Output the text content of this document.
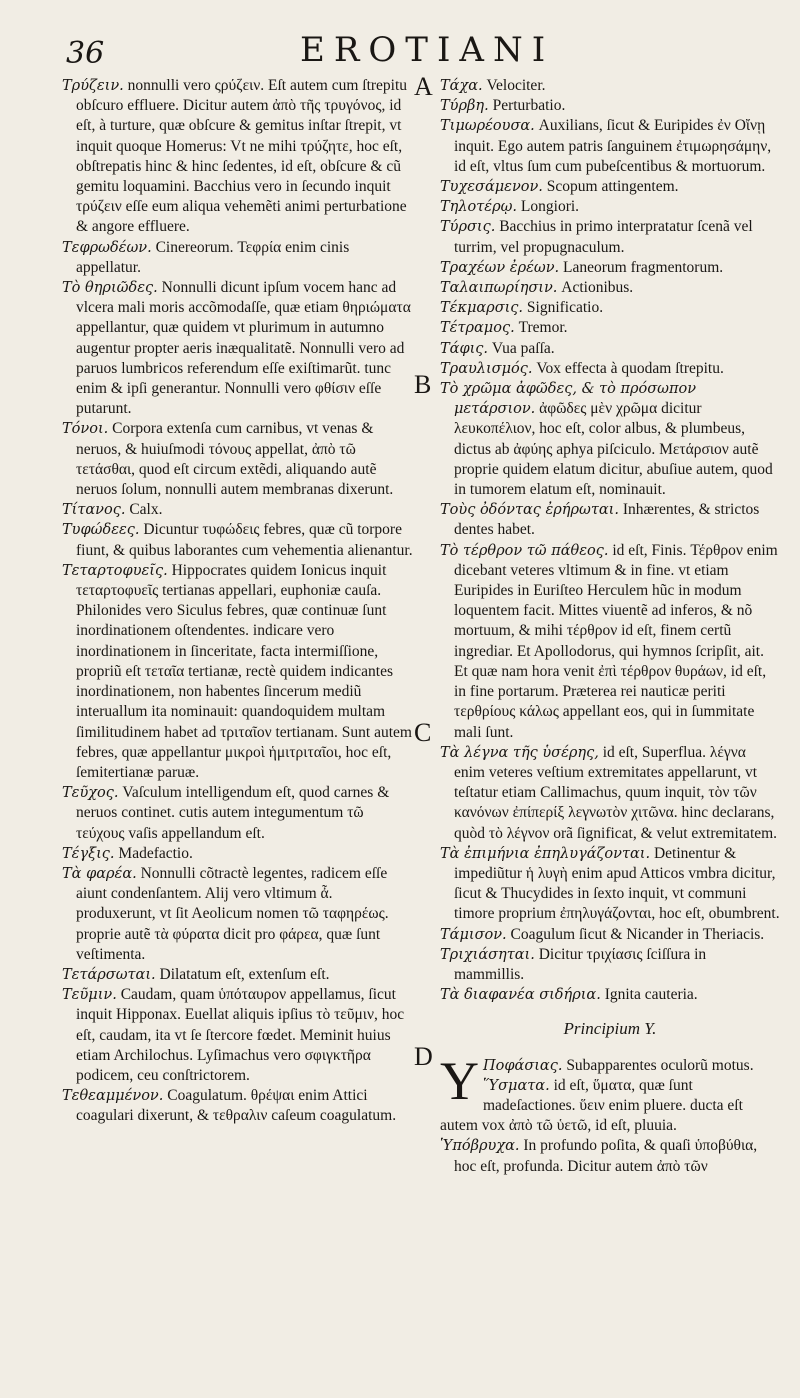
36	EROTIANI
A
B
C
D

Τρύζειν. nonnulli vero ςρύζειν. Eſt autem cum ſtrepitu obſcuro effluere. Dicitur autem ἀπὸ τῆς τρυγόνος, id eſt, à turture, quæ obſcure & gemitus inſtar ſtrepit, vt inquit quoque Homerus: Vt ne mihi τρύζητε, hoc eſt, obſtrepatis hinc & hinc ſedentes, id eſt, obſcure & cũ gemitu loquamini. Bacchius vero in ſecundo inquit τρύζειν eſſe eum aliqua vehemẽti animi perturbatione & angore effluere.

Τεφρωδέων. Cinereorum. Τεφρία enim cinis appellatur.

Τὸ θηριῶδες. Nonnulli dicunt ipſum vocem hanc ad vlcera mali moris accõmodaſſe, quæ etiam θηριώματα appellantur, quæ quidem vt plurimum in autumno augentur propter aeris inæqualitatẽ. Nonnulli vero ad paruos lumbricos referendum eſſe exiſtimarũt. tunc enim & ipſi generantur. Nonnulli vero φθίσιν eſſe putarunt.

Τόνοι. Corpora extenſa cum carnibus, vt venas & neruos, & huiuſmodi τόνους appellat, ἀπὸ τῶ τετάσθαι, quod eſt circum extẽdi, aliquando autẽ neruos ſolum, nonnulli autem membranas dixerunt.

Τίτανος. Calx.

Τυφώδεες. Dicuntur τυφώδεις febres, quæ cũ torpore fiunt, & quibus laborantes cum vehementia alienantur.

Τεταρτοφυεῖς. Hippocrates quidem Ionicus inquit τεταρτοφυεῖς tertianas appellari, euphoniæ cauſa. Philonides vero Siculus febres, quæ continuæ ſunt inordinationem oſtendentes. indicare vero inordinationem in ſinceritate, facta intermiſſione, propriũ eſt τεταῖα tertianæ, rectè quidem indicantes inordinationem, non habentes ſincerum mediũ interuallum ita nominauit: quandoquidem multam ſimilitudinem habet ad τριταῖον tertianam. Sunt autem febres, quæ appellantur μικροὶ ἡμιτριταῖοι, hoc eſt, ſemitertianæ paruæ.

Τεῦχος. Vaſculum intelligendum eſt, quod carnes & neruos continet. cutis autem integumentum τῶ τεύχους vaſis appellandum eſt.

Τέγξις. Madefactio.

Τὰ φαρέα. Nonnulli cõtractè legentes, radicem eſſe aiunt condenſantem. Alij vero vltimum ἆ. produxerunt, vt ſit Aeolicum nomen τῶ ταφηρέως. proprie autẽ τὰ φύρατα dicit pro φάρεα, quæ ſunt veſtimenta.

Τετάρσωται. Dilatatum eſt, extenſum eſt.

Τεῦμιν. Caudam, quam ὑπόταυρον appellamus, ſicut inquit Hipponax. Euellat aliquis ipſius τὸ τεῦμιν, hoc eſt, caudam, ita vt ſe ſtercore fœdet. Meminit huius etiam Archilochus. Lyſimachus vero σφιγκτῆρα podicem, ceu conſtrictorem.

Τεθεαμμένον. Coagulatum. θρέψαι enim Attici coagulari dixerunt, & τεθραλιν caſeum coagulatum.

Τάχα. Velociter.

Τύρβη. Perturbatio.

Τιμωρέουσα. Auxilians, ſicut & Euripides ἐν Οἴνῃ inquit. Ego autem patris ſanguinem ἐτιμωρησάμην, id eſt, vltus ſum cum pubeſcentibus & mortuorum.

Τυχεσάμενον. Scopum attingentem.

Τηλοτέρῳ. Longiori.

Τύρσις. Bacchius in primo interpratatur ſcenã vel turrim, vel propugnaculum.

Τραχέων ἐρέων. Laneorum fragmentorum.

Ταλαιπωρίησιν. Actionibus.

Τέκμαρσις. Significatio.

Τέτραμος. Tremor.

Τάφις. Vua paſſa.

Τραυλισμός. Vox effecta à quodam ſtrepitu.

Τὸ χρῶμα ἀφῶδες, & τὸ πρόσωπον μετάρσιον. ἀφῶδες μὲν χρῶμα dicitur λευκοπέλιον, hoc eſt, color albus, & plumbeus, dictus ab ἀφύης aphya piſciculo. Μετάρσιον autẽ proprie quidem elatum dicitur, abuſiue autem, quod in tumorem elatum eſt, nominauit.

Τοὺς ὀδόντας ἐρήρωται. Inhærentes, & strictos dentes habet.

Τὸ τέρθρον τῶ πάθεος. id eſt, Finis. Τέρθρον enim dicebant veteres vltimum & in fine. vt etiam Euripides in Euriſteo Herculem hũc in modum loquentem facit. Mittes viuentẽ ad inferos, & nõ mortuum, & mihi τέρθρον id eſt, finem certũ ingrediar. Et Apollodorus, qui hymnos ſcripſit, ait. Et quæ nam hora venit ἐπὶ τέρθρον θυράων, id eſt, in fine portarum. Præterea rei nauticæ periti τερθρίους κάλως appellant eos, qui in ſummitate mali ſunt.

Τὰ λέγνα τῆς ὑσέρης, id eſt, Superflua. λέγνα enim veteres veſtium extremitates appellarunt, vt teſtatur etiam Callimachus, quum inquit, τὸν τῶν κανόνων ἐπίπερίξ λεγνωτὸν χιτῶνα. hinc declarans, quòd τὸ λέγνον orã ſignificat, & velut extremitatem.

Τὰ ἐπιμήνια ἐπηλυγάζονται. Detinentur & impediũtur ἡ λυγὴ enim apud Atticos vmbra dicitur, ſicut & Thucydides in ſexto inquit, vt communi timore proprium ἐπηλυγάζονται, hoc eſt, obumbrent.

Τάμισον. Coagulum ſicut & Nicander in Theriacis.

Τριχιάσηται. Dicitur τριχίασις ſciſſura in mammillis.

Τὰ διαφανέα σιδήρια. Ignita cauteria.

Principium Y.

Y Ποφάσιας. Subapparentes oculorũ motus. Ὕσματα. id eſt, ὕματα, quæ ſunt madeſactiones. ὕειν enim pluere. ducta eſt autem vox ἀπὸ τῶ ὑετῶ, id eſt, pluuia.

Ὑπόβρυχα. In profundo poſita, & quaſi ὑποβύθια, hoc eſt, profunda. Dicitur autem ἀπὸ τῶν
